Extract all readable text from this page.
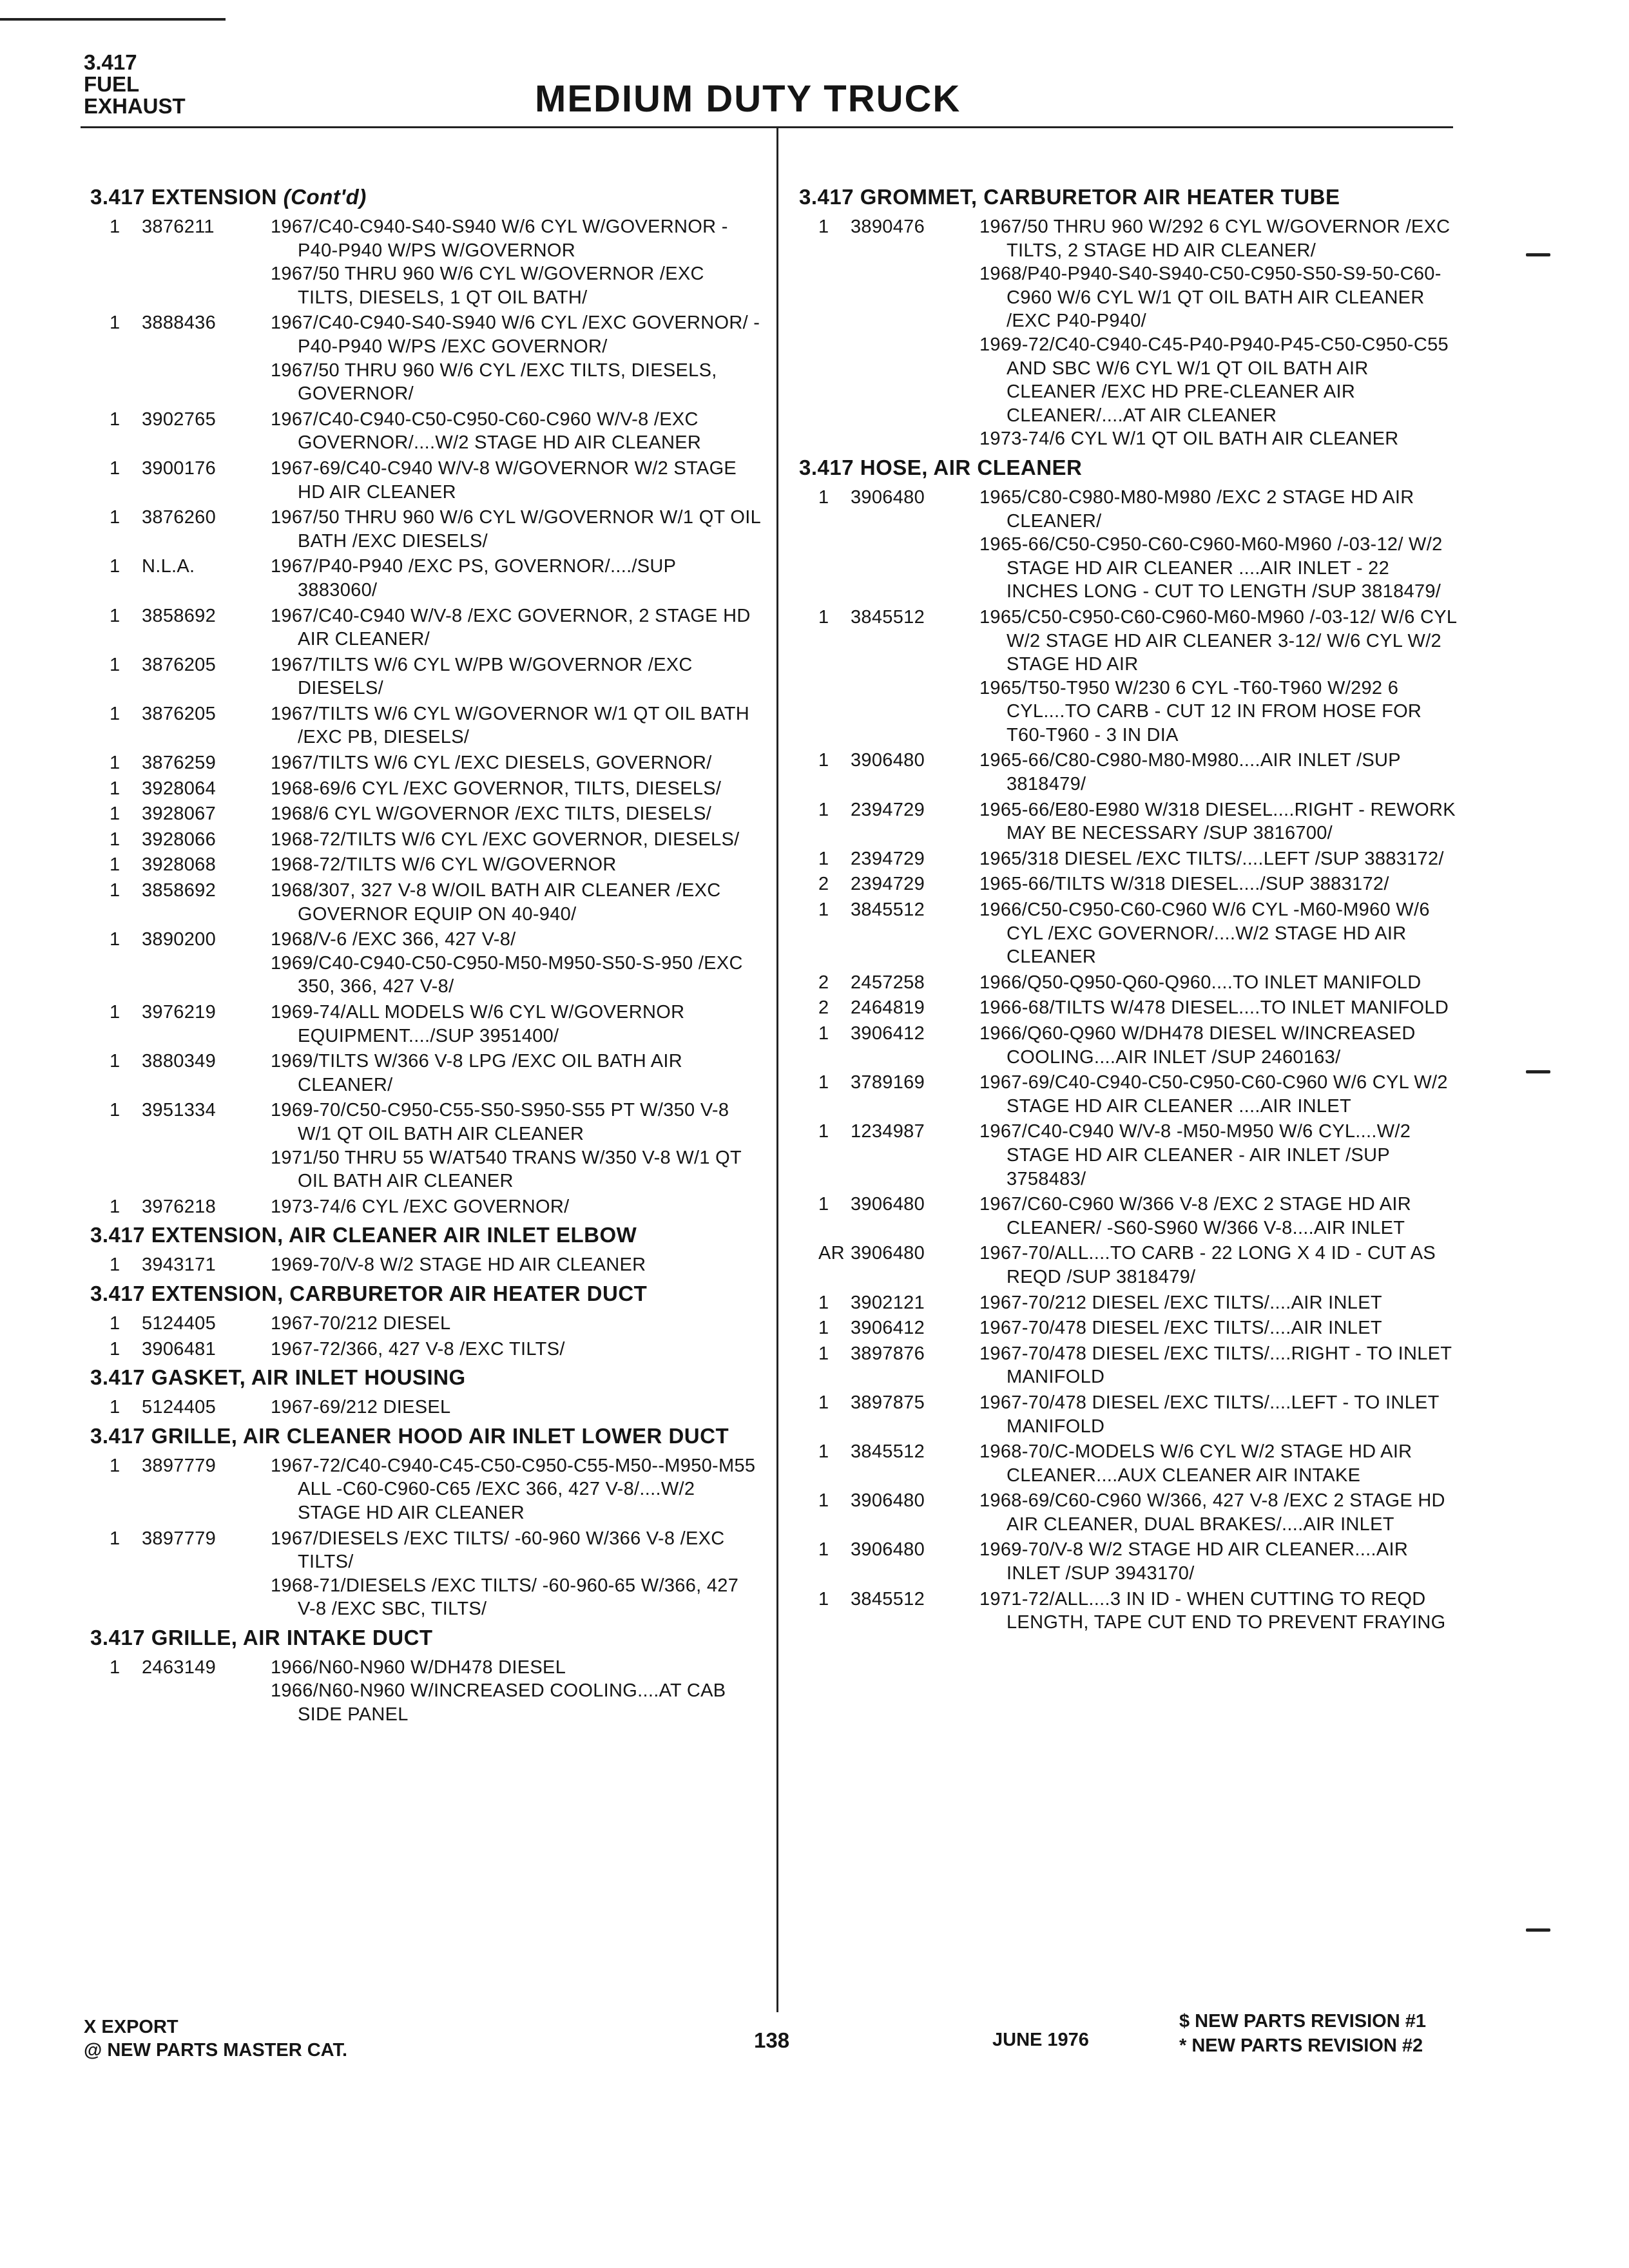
3.417
FUEL
EXHAUST	MEDIUM DUTY TRUCK
3.417 EXTENSION (Cont'd)
1	3876211	1967/C40-C940-S40-S940 W/6 CYL W/GOVERNOR -P40-P940 W/PS W/GOVERNOR
1967/50 THRU 960 W/6 CYL W/GOVERNOR /EXC TILTS, DIESELS, 1 QT OIL BATH/
1	3888436	1967/C40-C940-S40-S940 W/6 CYL /EXC GOVERNOR/ -P40-P940 W/PS /EXC GOVERNOR/
1967/50 THRU 960 W/6 CYL /EXC TILTS, DIESELS, GOVERNOR/
1	3902765	1967/C40-C940-C50-C950-C60-C960 W/V-8 /EXC GOVERNOR/....W/2 STAGE HD AIR CLEANER
1	3900176	1967-69/C40-C940 W/V-8 W/GOVERNOR W/2 STAGE HD AIR CLEANER
1	3876260	1967/50 THRU 960 W/6 CYL W/GOVERNOR W/1 QT OIL BATH /EXC DIESELS/
1	N.L.A.	1967/P40-P940 /EXC PS, GOVERNOR/..../SUP 3883060/
1	3858692	1967/C40-C940 W/V-8 /EXC GOVERNOR, 2 STAGE HD AIR CLEANER/
1	3876205	1967/TILTS W/6 CYL W/PB W/GOVERNOR /EXC DIESELS/
1	3876205	1967/TILTS W/6 CYL W/GOVERNOR W/1 QT OIL BATH /EXC PB, DIESELS/
1	3876259	1967/TILTS W/6 CYL /EXC DIESELS, GOVERNOR/
1	3928064	1968-69/6 CYL /EXC GOVERNOR, TILTS, DIESELS/
1	3928067	1968/6 CYL W/GOVERNOR /EXC TILTS, DIESELS/
1	3928066	1968-72/TILTS W/6 CYL /EXC GOVERNOR, DIESELS/
1	3928068	1968-72/TILTS W/6 CYL W/GOVERNOR
1	3858692	1968/307, 327 V-8 W/OIL BATH AIR CLEANER /EXC GOVERNOR EQUIP ON 40-940/
1	3890200	1968/V-6 /EXC 366, 427 V-8/
1969/C40-C940-C50-C950-M50-M950-S50-S-950 /EXC 350, 366, 427 V-8/
1	3976219	1969-74/ALL MODELS W/6 CYL W/GOVERNOR EQUIPMENT..../SUP 3951400/
1	3880349	1969/TILTS W/366 V-8 LPG /EXC OIL BATH AIR CLEANER/
1	3951334	1969-70/C50-C950-C55-S50-S950-S55 PT W/350 V-8 W/1 QT OIL BATH AIR CLEANER
1971/50 THRU 55 W/AT540 TRANS W/350 V-8 W/1 QT OIL BATH AIR CLEANER
1	3976218	1973-74/6 CYL /EXC GOVERNOR/
3.417 EXTENSION, AIR CLEANER AIR INLET ELBOW
1	3943171	1969-70/V-8 W/2 STAGE HD AIR CLEANER
3.417 EXTENSION, CARBURETOR AIR HEATER DUCT
1	5124405	1967-70/212 DIESEL
1	3906481	1967-72/366, 427 V-8 /EXC TILTS/
3.417 GASKET, AIR INLET HOUSING
1	5124405	1967-69/212 DIESEL
3.417 GRILLE, AIR CLEANER HOOD AIR INLET LOWER DUCT
1	3897779	1967-72/C40-C940-C45-C50-C950-C55-M50--M950-M55 ALL -C60-C960-C65 /EXC 366, 427 V-8/....W/2 STAGE HD AIR CLEANER
1	3897779	1967/DIESELS /EXC TILTS/ -60-960 W/366 V-8 /EXC TILTS/
1968-71/DIESELS /EXC TILTS/ -60-960-65 W/366, 427 V-8 /EXC SBC, TILTS/
3.417 GRILLE, AIR INTAKE DUCT
1	2463149	1966/N60-N960 W/DH478 DIESEL
1966/N60-N960 W/INCREASED COOLING....AT CAB SIDE PANEL
3.417 GROMMET, CARBURETOR AIR HEATER TUBE
1	3890476	1967/50 THRU 960 W/292 6 CYL W/GOVERNOR /EXC TILTS, 2 STAGE HD AIR CLEANER/
1968/P40-P940-S40-S940-C50-C950-S50-S9-50-C60-C960 W/6 CYL W/1 QT OIL BATH AIR CLEANER /EXC P40-P940/
1969-72/C40-C940-C45-P40-P940-P45-C50-C950-C55 AND SBC W/6 CYL W/1 QT OIL BATH AIR CLEANER /EXC HD PRE-CLEANER AIR CLEANER/....AT AIR CLEANER
1973-74/6 CYL W/1 QT OIL BATH AIR CLEANER
3.417 HOSE, AIR CLEANER
1	3906480	1965/C80-C980-M80-M980 /EXC 2 STAGE HD AIR CLEANER/
1965-66/C50-C950-C60-C960-M60-M960 /-03-12/ W/2 STAGE HD AIR CLEANER ....AIR INLET - 22 INCHES LONG - CUT TO LENGTH /SUP 3818479/
1	3845512	1965/C50-C950-C60-C960-M60-M960 /-03-12/ W/6 CYL W/2 STAGE HD AIR CLEANER 3-12/ W/6 CYL W/2 STAGE HD AIR
1965/T50-T950 W/230 6 CYL -T60-T960 W/292 6 CYL....TO CARB - CUT 12 IN FROM HOSE FOR T60-T960 - 3 IN DIA
1	3906480	1965-66/C80-C980-M80-M980....AIR INLET /SUP 3818479/
1	2394729	1965-66/E80-E980 W/318 DIESEL....RIGHT - REWORK MAY BE NECESSARY /SUP 3816700/
1	2394729	1965/318 DIESEL /EXC TILTS/....LEFT /SUP 3883172/
2	2394729	1965-66/TILTS W/318 DIESEL..../SUP 3883172/
1	3845512	1966/C50-C950-C60-C960 W/6 CYL -M60-M960 W/6 CYL /EXC GOVERNOR/....W/2 STAGE HD AIR CLEANER
2	2457258	1966/Q50-Q950-Q60-Q960....TO INLET MANIFOLD
2	2464819	1966-68/TILTS W/478 DIESEL....TO INLET MANIFOLD
1	3906412	1966/Q60-Q960 W/DH478 DIESEL W/INCREASED COOLING....AIR INLET /SUP 2460163/
1	3789169	1967-69/C40-C940-C50-C950-C60-C960 W/6 CYL W/2 STAGE HD AIR CLEANER ....AIR INLET
1	1234987	1967/C40-C940 W/V-8 -M50-M950 W/6 CYL....W/2 STAGE HD AIR CLEANER - AIR INLET /SUP 3758483/
1	3906480	1967/C60-C960 W/366 V-8 /EXC 2 STAGE HD AIR CLEANER/ -S60-S960 W/366 V-8....AIR INLET
AR 3906480	1967-70/ALL....TO CARB - 22 LONG X 4 ID - CUT AS REQD /SUP 3818479/
1	3902121	1967-70/212 DIESEL /EXC TILTS/....AIR INLET
1	3906412	1967-70/478 DIESEL /EXC TILTS/....AIR INLET
1	3897876	1967-70/478 DIESEL /EXC TILTS/....RIGHT - TO INLET MANIFOLD
1	3897875	1967-70/478 DIESEL /EXC TILTS/....LEFT - TO INLET MANIFOLD
1	3845512	1968-70/C-MODELS W/6 CYL W/2 STAGE HD AIR CLEANER....AUX CLEANER AIR INTAKE
1	3906480	1968-69/C60-C960 W/366, 427 V-8 /EXC 2 STAGE HD AIR CLEANER, DUAL BRAKES/....AIR INLET
1	3906480	1969-70/V-8 W/2 STAGE HD AIR CLEANER....AIR INLET /SUP 3943170/
1	3845512	1971-72/ALL....3 IN ID - WHEN CUTTING TO REQD LENGTH, TAPE CUT END TO PREVENT FRAYING
X EXPORT
@ NEW PARTS MASTER CAT.	138	JUNE 1976
$ NEW PARTS REVISION #1
* NEW PARTS REVISION #2
